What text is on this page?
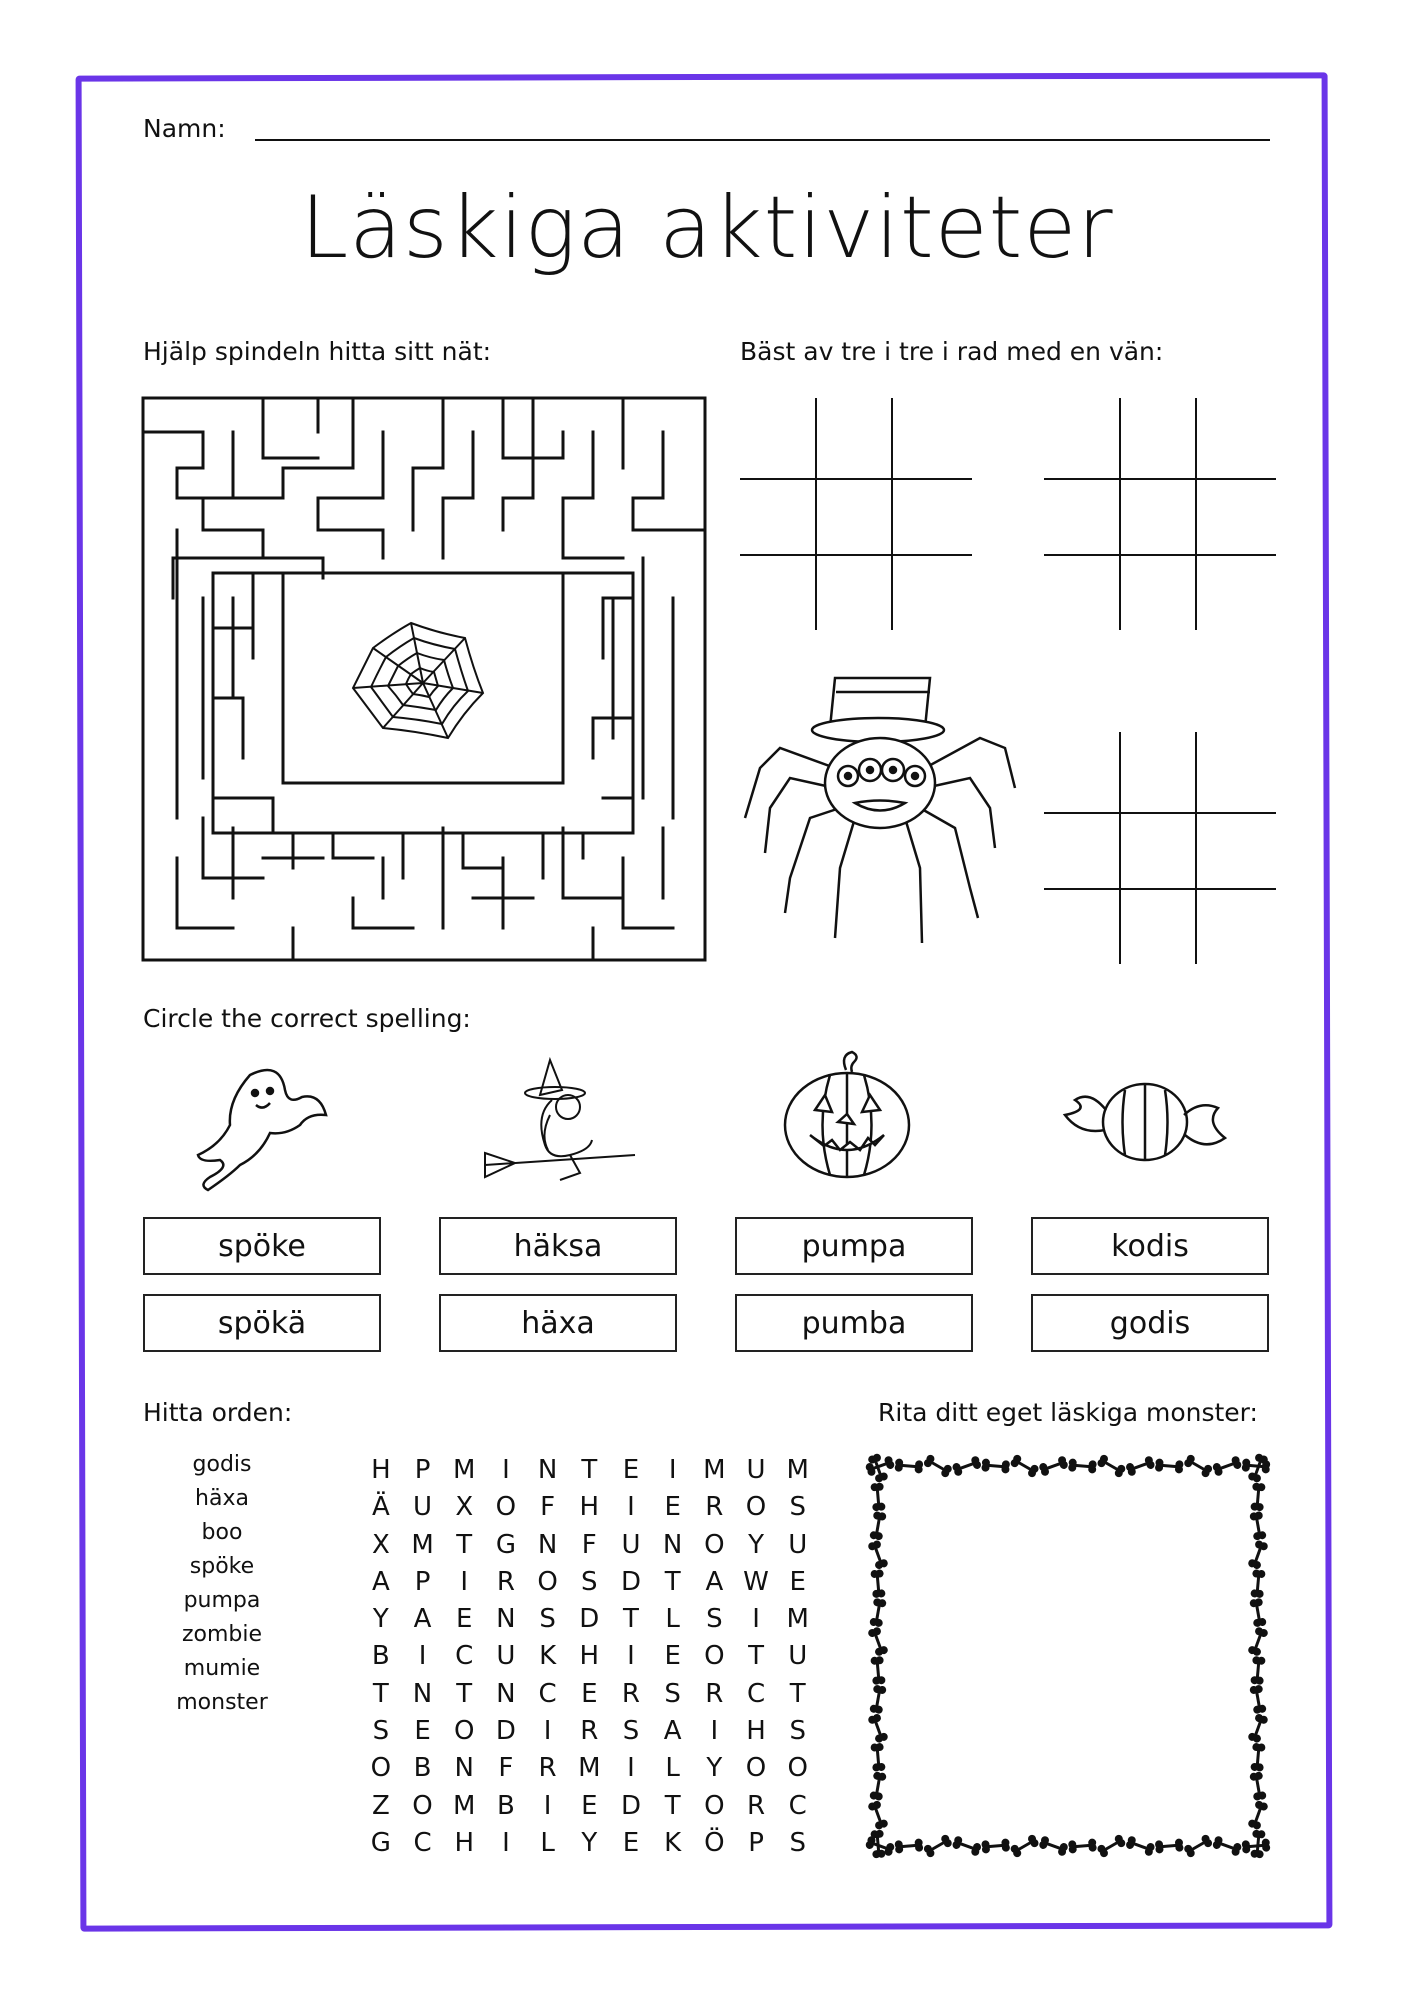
Namn:
Läskiga aktiviteter
Hjälp spindeln hitta sitt nät:	Bäst av tre i tre i rad med en vän:
Circle the correct spelling:
spöke
spökä
häksa
häxa
pumpa
pumba
kodis
godis
Hitta orden:
godis
häxa
boo
spöke
pumpa
zombie
mumie
monster
H P M	I	N T E	I	M U M
Ä U X O F H	I	E R O S
X M T G N F U N O Y U
A P	I	R O S D T A W E
Y A E N S D T	L	S	I	M
B	I	C U K H	I	E O T U
T N T N C E R S R C T
S E O D	I	R S A	I	H S
O B N F R M	I	L	Y O O
Z O M B	I	E D T O R C
G C H	I	L	Y E K Ö P S
Rita ditt eget läskiga monster:
